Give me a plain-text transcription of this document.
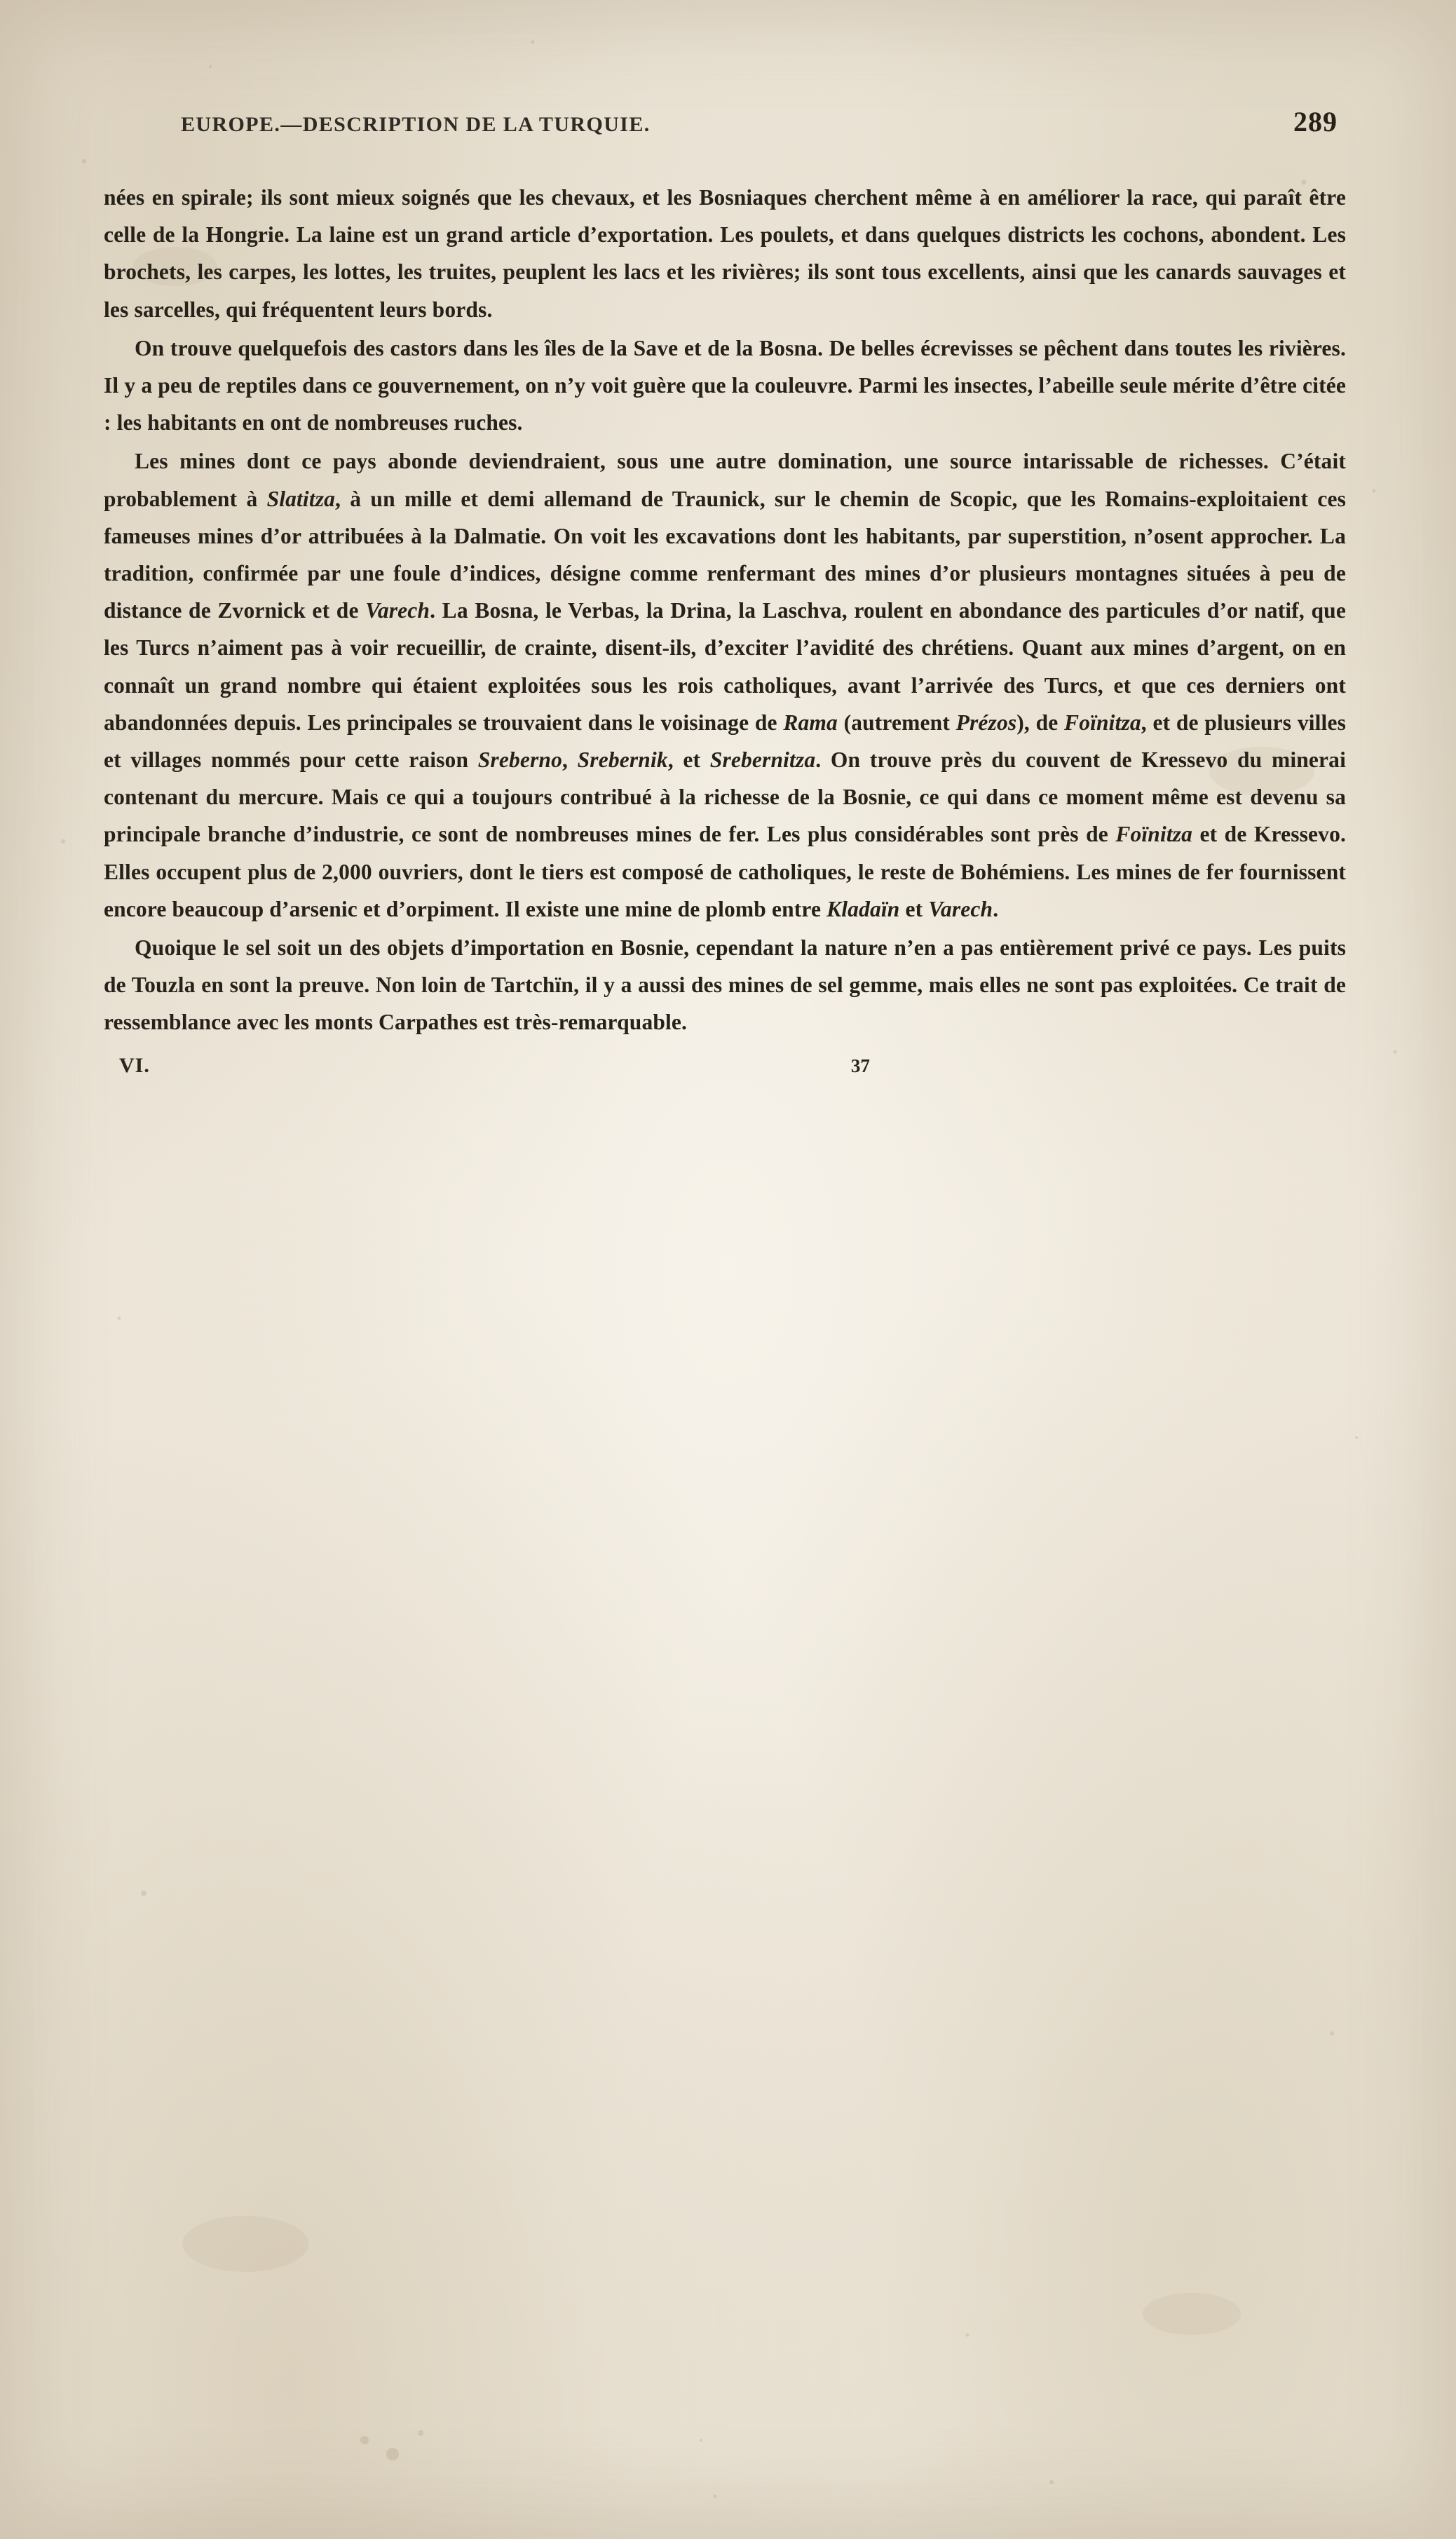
EUROPE.—DESCRIPTION DE LA TURQUIE.	289

nées en spirale; ils sont mieux soignés que les chevaux, et les Bosniaques cherchent même à en améliorer la race, qui paraît être celle de la Hongrie. La laine est un grand article d’exportation. Les poulets, et dans quelques districts les cochons, abondent. Les brochets, les carpes, les lottes, les truites, peuplent les lacs et les rivières; ils sont tous excellents, ainsi que les canards sauvages et les sarcelles, qui fréquentent leurs bords.

On trouve quelquefois des castors dans les îles de la Save et de la Bosna. De belles écrevisses se pêchent dans toutes les rivières. Il y a peu de reptiles dans ce gouvernement, on n’y voit guère que la couleuvre. Parmi les insectes, l’abeille seule mérite d’être citée : les habitants en ont de nombreuses ruches.

Les mines dont ce pays abonde deviendraient, sous une autre domination, une source intarissable de richesses. C’était probablement à Slatitza, à un mille et demi allemand de Traunick, sur le chemin de Scopic, que les Romains-exploitaient ces fameuses mines d’or attribuées à la Dalmatie. On voit les excavations dont les habitants, par superstition, n’osent approcher. La tradition, confirmée par une foule d’indices, désigne comme renfermant des mines d’or plusieurs montagnes situées à peu de distance de Zvornick et de Varech. La Bosna, le Verbas, la Drina, la Laschva, roulent en abondance des particules d’or natif, que les Turcs n’aiment pas à voir recueillir, de crainte, disent-ils, d’exciter l’avidité des chrétiens. Quant aux mines d’argent, on en connaît un grand nombre qui étaient exploitées sous les rois catholiques, avant l’arrivée des Turcs, et que ces derniers ont abandonnées depuis. Les principales se trouvaient dans le voisinage de Rama (autrement Prézos), de Foïnitza, et de plusieurs villes et villages nommés pour cette raison Sreberno, Srebernik, et Srebernitza. On trouve près du couvent de Kressevo du minerai contenant du mercure. Mais ce qui a toujours contribué à la richesse de la Bosnie, ce qui dans ce moment même est devenu sa principale branche d’industrie, ce sont de nombreuses mines de fer. Les plus considérables sont près de Foïnitza et de Kressevo. Elles occupent plus de 2,000 ouvriers, dont le tiers est composé de catholiques, le reste de Bohémiens. Les mines de fer fournissent encore beaucoup d’arsenic et d’orpiment. Il existe une mine de plomb entre Kladaïn et Varech.

Quoique le sel soit un des objets d’importation en Bosnie, cependant la nature n’en a pas entièrement privé ce pays. Les puits de Touzla en sont la preuve. Non loin de Tartchïn, il y a aussi des mines de sel gemme, mais elles ne sont pas exploitées. Ce trait de ressemblance avec les monts Carpathes est très-remarquable.

VI.	37
